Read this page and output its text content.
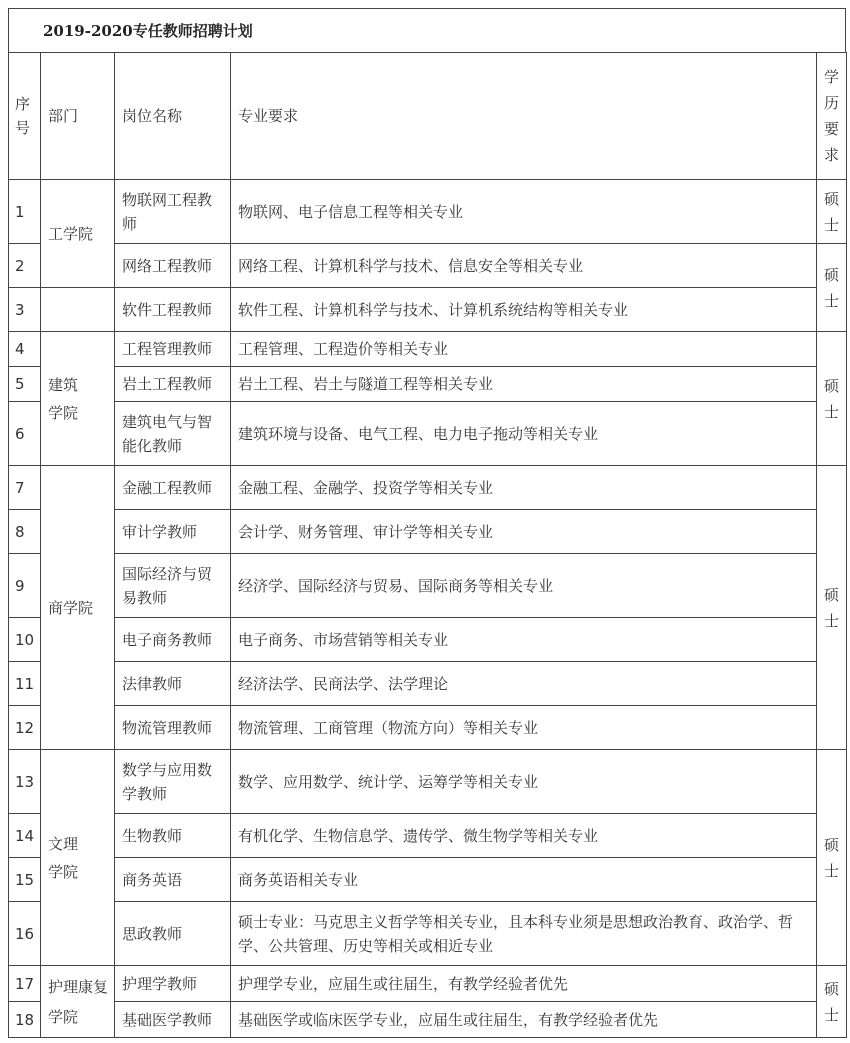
2019-2020专任教师招聘计划
序号	部门	岗位名称	专业要求	学历要求

1	工学院	物联网工程教师	物联网、电子信息工程等相关专业	硕士

2		网络工程教师	网络工程、计算机科学与技术、信息安全等相关专业	硕士

3		软件工程教师	软件工程、计算机科学与技术、计算机系统结构等相关专业	
4	建筑学院	工程管理教师	工程管理、工程造价等相关专业	硕士

5		岩土工程教师	岩土工程、岩土与隧道工程等相关专业	
6		建筑电气与智能化教师	建筑环境与设备、电气工程、电力电子拖动等相关专业	
7	商学院	金融工程教师	金融工程、金融学、投资学等相关专业	硕士

8		审计学教师	会计学、财务管理、审计学等相关专业	
9		国际经济与贸易教师	经济学、国际经济与贸易、国际商务等相关专业	
10		电子商务教师	电子商务、市场营销等相关专业	
11		法律教师	经济法学、民商法学、法学理论	
12		物流管理教师	物流管理、工商管理（物流方向）等相关专业	
13	文理学院	数学与应用数学教师	数学、应用数学、统计学、运筹学等相关专业	硕士

14		生物教师	有机化学、生物信息学、遗传学、微生物学等相关专业	
15		商务英语	商务英语相关专业	
16		思政教师	硕士专业：马克思主义哲学等相关专业，且本科专业须是思想政治教育、政治学、哲学、公共管理、历史等相关或相近专业	
17	护理康复学院	护理学教师	护理学专业，应届生或往届生，有教学经验者优先	硕士

18		基础医学教师	基础医学或临床医学专业，应届生或往届生，有教学经验者优先	
